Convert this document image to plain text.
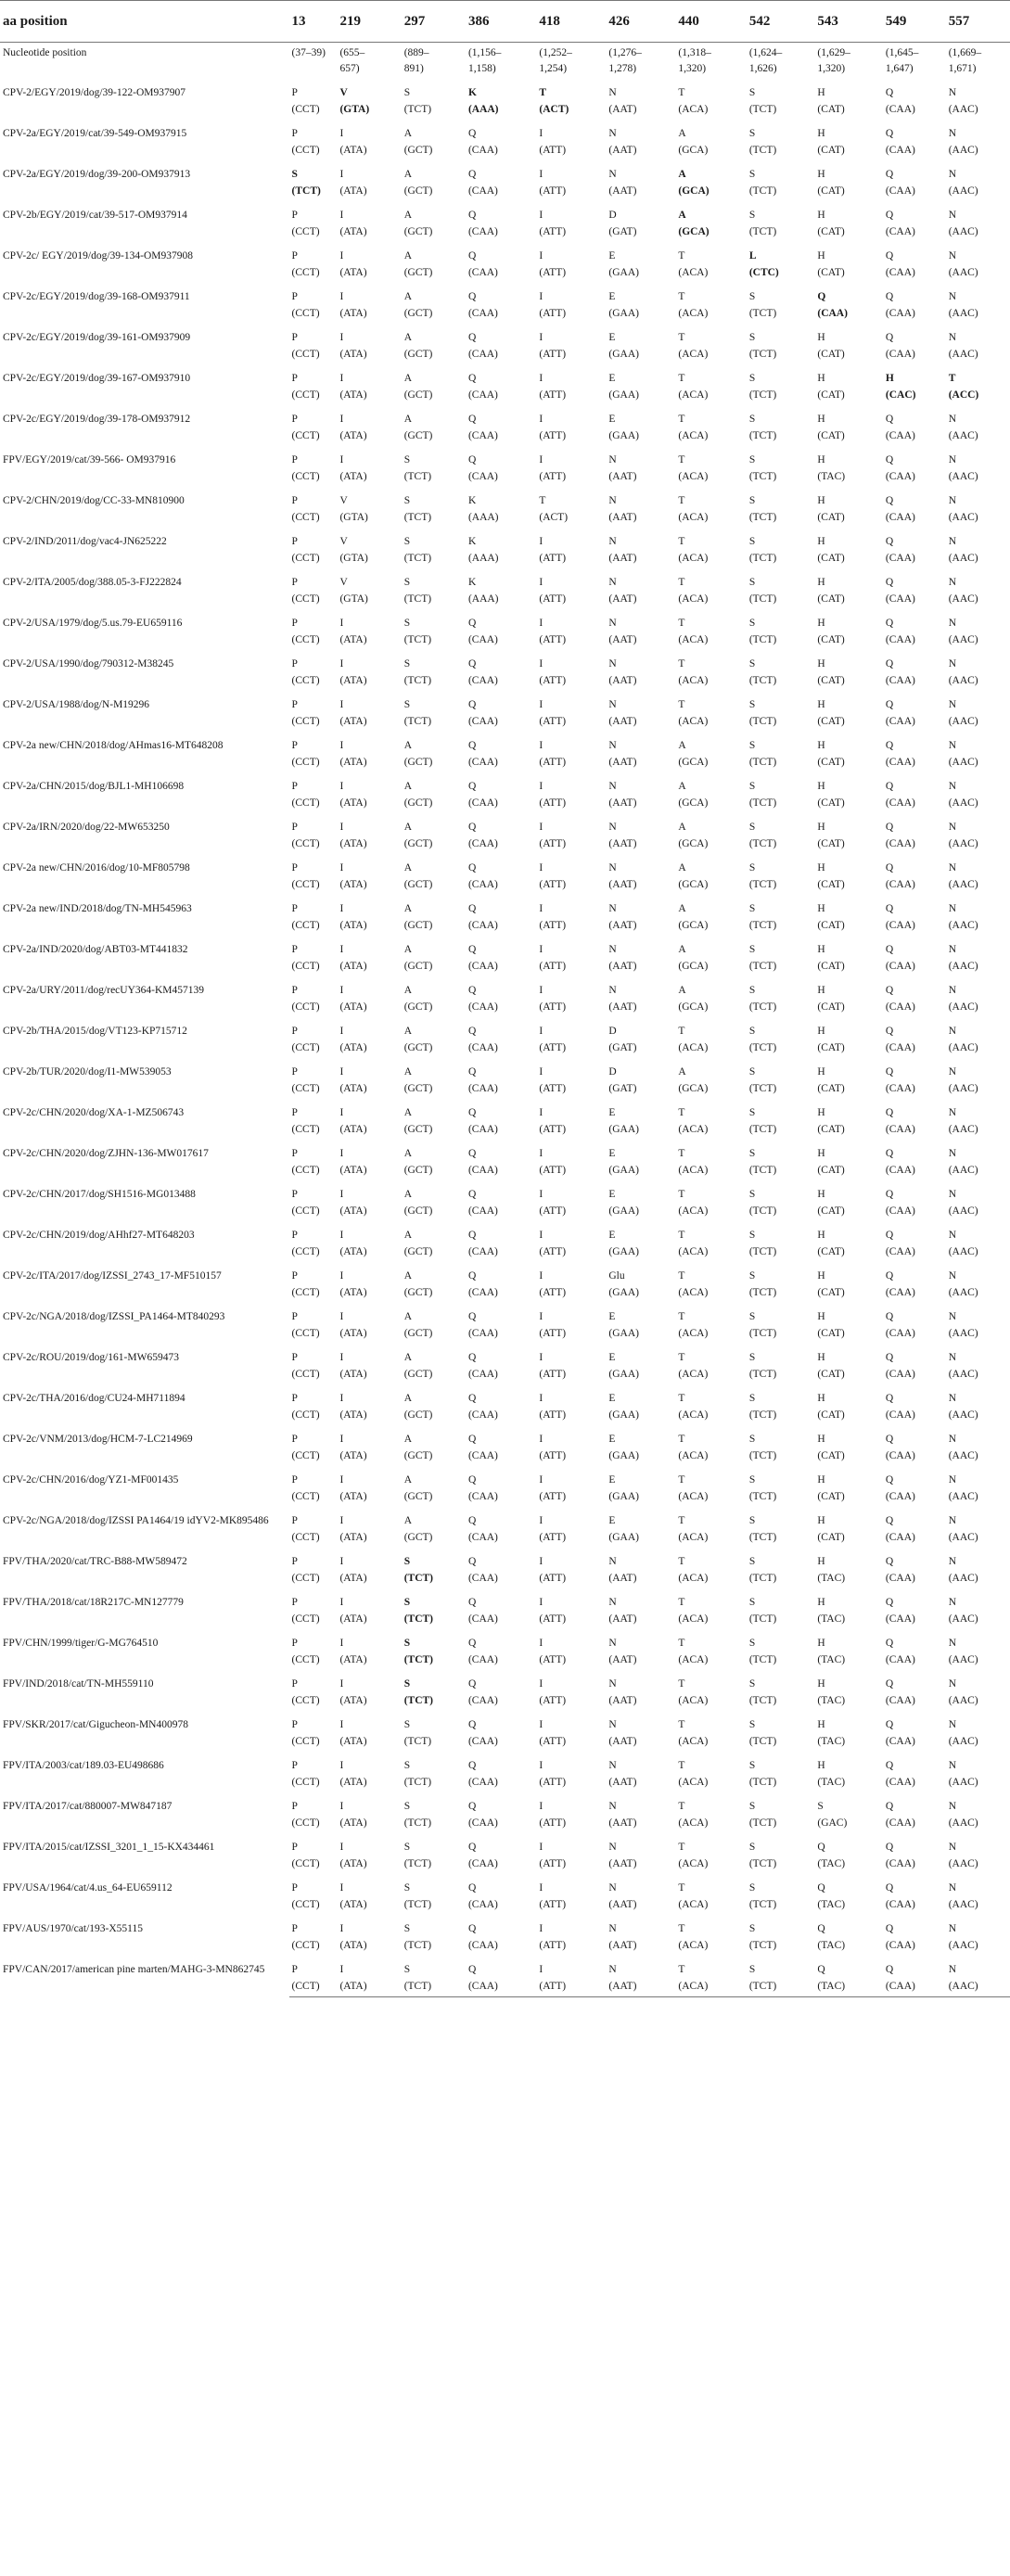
aa position	13	219	297	386	418	426	440	542	543	549	557
Nucleotide position	(37–39)	(655–	(889–	(1,156–	(1,252–	(1,276–	(1,318–	(1,624–	(1,629–	(1,645–	(1,669–
		657)	891)	1,158)	1,254)	1,278)	1,320)	1,626)	1,320)	1,647)	1,671)
CPV-2/EGY/2019/dog/39-122-OM937907	P	V	S	K	T	N	T	S	H	Q	N
	(CCT)	(GTA)	(TCT)	(AAA)	(ACT)	(AAT)	(ACA)	(TCT)	(CAT)	(CAA)	(AAC)
CPV-2a/EGY/2019/cat/39-549-OM937915	P	I	A	Q	I	N	A	S	H	Q	N
	(CCT)	(ATA)	(GCT)	(CAA)	(ATT)	(AAT)	(GCA)	(TCT)	(CAT)	(CAA)	(AAC)
CPV-2a/EGY/2019/dog/39-200-OM937913	S	I	A	Q	I	N	A	S	H	Q	N
	(TCT)	(ATA)	(GCT)	(CAA)	(ATT)	(AAT)	(GCA)	(TCT)	(CAT)	(CAA)	(AAC)
CPV-2b/EGY/2019/cat/39-517-OM937914	P	I	A	Q	I	D	A	S	H	Q	N
	(CCT)	(ATA)	(GCT)	(CAA)	(ATT)	(GAT)	(GCA)	(TCT)	(CAT)	(CAA)	(AAC)
CPV-2c/ EGY/2019/dog/39-134-OM937908	P	I	A	Q	I	E	T	L	H	Q	N
	(CCT)	(ATA)	(GCT)	(CAA)	(ATT)	(GAA)	(ACA)	(CTC)	(CAT)	(CAA)	(AAC)
CPV-2c/EGY/2019/dog/39-168-OM937911	P	I	A	Q	I	E	T	S	Q	Q	N
	(CCT)	(ATA)	(GCT)	(CAA)	(ATT)	(GAA)	(ACA)	(TCT)	(CAA)	(CAA)	(AAC)
CPV-2c/EGY/2019/dog/39-161-OM937909	P	I	A	Q	I	E	T	S	H	Q	N
	(CCT)	(ATA)	(GCT)	(CAA)	(ATT)	(GAA)	(ACA)	(TCT)	(CAT)	(CAA)	(AAC)
CPV-2c/EGY/2019/dog/39-167-OM937910	P	I	A	Q	I	E	T	S	H	H	T
	(CCT)	(ATA)	(GCT)	(CAA)	(ATT)	(GAA)	(ACA)	(TCT)	(CAT)	(CAC)	(ACC)
CPV-2c/EGY/2019/dog/39-178-OM937912	P	I	A	Q	I	E	T	S	H	Q	N
	(CCT)	(ATA)	(GCT)	(CAA)	(ATT)	(GAA)	(ACA)	(TCT)	(CAT)	(CAA)	(AAC)
FPV/EGY/2019/cat/39-566- OM937916	P	I	S	Q	I	N	T	S	H	Q	N
	(CCT)	(ATA)	(TCT)	(CAA)	(ATT)	(AAT)	(ACA)	(TCT)	(TAC)	(CAA)	(AAC)
CPV-2/CHN/2019/dog/CC-33-MN810900	P	V	S	K	T	N	T	S	H	Q	N
	(CCT)	(GTA)	(TCT)	(AAA)	(ACT)	(AAT)	(ACA)	(TCT)	(CAT)	(CAA)	(AAC)
CPV-2/IND/2011/dog/vac4-JN625222	P	V	S	K	I	N	T	S	H	Q	N
	(CCT)	(GTA)	(TCT)	(AAA)	(ATT)	(AAT)	(ACA)	(TCT)	(CAT)	(CAA)	(AAC)
CPV-2/ITA/2005/dog/388.05-3-FJ222824	P	V	S	K	I	N	T	S	H	Q	N
	(CCT)	(GTA)	(TCT)	(AAA)	(ATT)	(AAT)	(ACA)	(TCT)	(CAT)	(CAA)	(AAC)
CPV-2/USA/1979/dog/5.us.79-EU659116	P	I	S	Q	I	N	T	S	H	Q	N
	(CCT)	(ATA)	(TCT)	(CAA)	(ATT)	(AAT)	(ACA)	(TCT)	(CAT)	(CAA)	(AAC)
CPV-2/USA/1990/dog/790312-M38245	P	I	S	Q	I	N	T	S	H	Q	N
	(CCT)	(ATA)	(TCT)	(CAA)	(ATT)	(AAT)	(ACA)	(TCT)	(CAT)	(CAA)	(AAC)
CPV-2/USA/1988/dog/N-M19296	P	I	S	Q	I	N	T	S	H	Q	N
	(CCT)	(ATA)	(TCT)	(CAA)	(ATT)	(AAT)	(ACA)	(TCT)	(CAT)	(CAA)	(AAC)
CPV-2a new/CHN/2018/dog/AHmas16-MT648208	P	I	A	Q	I	N	A	S	H	Q	N
	(CCT)	(ATA)	(GCT)	(CAA)	(ATT)	(AAT)	(GCA)	(TCT)	(CAT)	(CAA)	(AAC)
CPV-2a/CHN/2015/dog/BJL1-MH106698	P	I	A	Q	I	N	A	S	H	Q	N
	(CCT)	(ATA)	(GCT)	(CAA)	(ATT)	(AAT)	(GCA)	(TCT)	(CAT)	(CAA)	(AAC)
CPV-2a/IRN/2020/dog/22-MW653250	P	I	A	Q	I	N	A	S	H	Q	N
	(CCT)	(ATA)	(GCT)	(CAA)	(ATT)	(AAT)	(GCA)	(TCT)	(CAT)	(CAA)	(AAC)
CPV-2a new/CHN/2016/dog/10-MF805798	P	I	A	Q	I	N	A	S	H	Q	N
	(CCT)	(ATA)	(GCT)	(CAA)	(ATT)	(AAT)	(GCA)	(TCT)	(CAT)	(CAA)	(AAC)
CPV-2a new/IND/2018/dog/TN-MH545963	P	I	A	Q	I	N	A	S	H	Q	N
	(CCT)	(ATA)	(GCT)	(CAA)	(ATT)	(AAT)	(GCA)	(TCT)	(CAT)	(CAA)	(AAC)
CPV-2a/IND/2020/dog/ABT03-MT441832	P	I	A	Q	I	N	A	S	H	Q	N
	(CCT)	(ATA)	(GCT)	(CAA)	(ATT)	(AAT)	(GCA)	(TCT)	(CAT)	(CAA)	(AAC)
CPV-2a/URY/2011/dog/recUY364-KM457139	P	I	A	Q	I	N	A	S	H	Q	N
	(CCT)	(ATA)	(GCT)	(CAA)	(ATT)	(AAT)	(GCA)	(TCT)	(CAT)	(CAA)	(AAC)
CPV-2b/THA/2015/dog/VT123-KP715712	P	I	A	Q	I	D	T	S	H	Q	N
	(CCT)	(ATA)	(GCT)	(CAA)	(ATT)	(GAT)	(ACA)	(TCT)	(CAT)	(CAA)	(AAC)
CPV-2b/TUR/2020/dog/I1-MW539053	P	I	A	Q	I	D	A	S	H	Q	N
	(CCT)	(ATA)	(GCT)	(CAA)	(ATT)	(GAT)	(GCA)	(TCT)	(CAT)	(CAA)	(AAC)
CPV-2c/CHN/2020/dog/XA-1-MZ506743	P	I	A	Q	I	E	T	S	H	Q	N
	(CCT)	(ATA)	(GCT)	(CAA)	(ATT)	(GAA)	(ACA)	(TCT)	(CAT)	(CAA)	(AAC)
CPV-2c/CHN/2020/dog/ZJHN-136-MW017617	P	I	A	Q	I	E	T	S	H	Q	N
	(CCT)	(ATA)	(GCT)	(CAA)	(ATT)	(GAA)	(ACA)	(TCT)	(CAT)	(CAA)	(AAC)
CPV-2c/CHN/2017/dog/SH1516-MG013488	P	I	A	Q	I	E	T	S	H	Q	N
	(CCT)	(ATA)	(GCT)	(CAA)	(ATT)	(GAA)	(ACA)	(TCT)	(CAT)	(CAA)	(AAC)
CPV-2c/CHN/2019/dog/AHhf27-MT648203	P	I	A	Q	I	E	T	S	H	Q	N
	(CCT)	(ATA)	(GCT)	(CAA)	(ATT)	(GAA)	(ACA)	(TCT)	(CAT)	(CAA)	(AAC)
CPV-2c/ITA/2017/dog/IZSSI_2743_17-MF510157	P	I	A	Q	I	Glu	T	S	H	Q	N
	(CCT)	(ATA)	(GCT)	(CAA)	(ATT)	(GAA)	(ACA)	(TCT)	(CAT)	(CAA)	(AAC)
CPV-2c/NGA/2018/dog/IZSSI_PA1464-MT840293	P	I	A	Q	I	E	T	S	H	Q	N
	(CCT)	(ATA)	(GCT)	(CAA)	(ATT)	(GAA)	(ACA)	(TCT)	(CAT)	(CAA)	(AAC)
CPV-2c/ROU/2019/dog/161-MW659473	P	I	A	Q	I	E	T	S	H	Q	N
	(CCT)	(ATA)	(GCT)	(CAA)	(ATT)	(GAA)	(ACA)	(TCT)	(CAT)	(CAA)	(AAC)
CPV-2c/THA/2016/dog/CU24-MH711894	P	I	A	Q	I	E	T	S	H	Q	N
	(CCT)	(ATA)	(GCT)	(CAA)	(ATT)	(GAA)	(ACA)	(TCT)	(CAT)	(CAA)	(AAC)
CPV-2c/VNM/2013/dog/HCM-7-LC214969	P	I	A	Q	I	E	T	S	H	Q	N
	(CCT)	(ATA)	(GCT)	(CAA)	(ATT)	(GAA)	(ACA)	(TCT)	(CAT)	(CAA)	(AAC)
CPV-2c/CHN/2016/dog/YZ1-MF001435	P	I	A	Q	I	E	T	S	H	Q	N
	(CCT)	(ATA)	(GCT)	(CAA)	(ATT)	(GAA)	(ACA)	(TCT)	(CAT)	(CAA)	(AAC)
CPV-2c/NGA/2018/dog/IZSSI PA1464/19 idYV2-MK895486	P	I	A	Q	I	E	T	S	H	Q	N
	(CCT)	(ATA)	(GCT)	(CAA)	(ATT)	(GAA)	(ACA)	(TCT)	(CAT)	(CAA)	(AAC)
FPV/THA/2020/cat/TRC-B88-MW589472	P	I	S	Q	I	N	T	S	H	Q	N
	(CCT)	(ATA)	(TCT)	(CAA)	(ATT)	(AAT)	(ACA)	(TCT)	(TAC)	(CAA)	(AAC)
FPV/THA/2018/cat/18R217C-MN127779	P	I	S	Q	I	N	T	S	H	Q	N
	(CCT)	(ATA)	(TCT)	(CAA)	(ATT)	(AAT)	(ACA)	(TCT)	(TAC)	(CAA)	(AAC)
FPV/CHN/1999/tiger/G-MG764510	P	I	S	Q	I	N	T	S	H	Q	N
	(CCT)	(ATA)	(TCT)	(CAA)	(ATT)	(AAT)	(ACA)	(TCT)	(TAC)	(CAA)	(AAC)
FPV/IND/2018/cat/TN-MH559110	P	I	S	Q	I	N	T	S	H	Q	N
	(CCT)	(ATA)	(TCT)	(CAA)	(ATT)	(AAT)	(ACA)	(TCT)	(TAC)	(CAA)	(AAC)
FPV/SKR/2017/cat/Gigucheon-MN400978	P	I	S	Q	I	N	T	S	H	Q	N
	(CCT)	(ATA)	(TCT)	(CAA)	(ATT)	(AAT)	(ACA)	(TCT)	(TAC)	(CAA)	(AAC)
FPV/ITA/2003/cat/189.03-EU498686	P	I	S	Q	I	N	T	S	H	Q	N
	(CCT)	(ATA)	(TCT)	(CAA)	(ATT)	(AAT)	(ACA)	(TCT)	(TAC)	(CAA)	(AAC)
FPV/ITA/2017/cat/880007-MW847187	P	I	S	Q	I	N	T	S	S	Q	N
	(CCT)	(ATA)	(TCT)	(CAA)	(ATT)	(AAT)	(ACA)	(TCT)	(GAC)	(CAA)	(AAC)
FPV/ITA/2015/cat/IZSSI_3201_1_15-KX434461	P	I	S	Q	I	N	T	S	Q	Q	N
	(CCT)	(ATA)	(TCT)	(CAA)	(ATT)	(AAT)	(ACA)	(TCT)	(TAC)	(CAA)	(AAC)
FPV/USA/1964/cat/4.us_64-EU659112	P	I	S	Q	I	N	T	S	Q	Q	N
	(CCT)	(ATA)	(TCT)	(CAA)	(ATT)	(AAT)	(ACA)	(TCT)	(TAC)	(CAA)	(AAC)
FPV/AUS/1970/cat/193-X55115	P	I	S	Q	I	N	T	S	Q	Q	N
	(CCT)	(ATA)	(TCT)	(CAA)	(ATT)	(AAT)	(ACA)	(TCT)	(TAC)	(CAA)	(AAC)
FPV/CAN/2017/american pine marten/MAHG-3-MN862745	P	I	S	Q	I	N	T	S	Q	Q	N
	(CCT)	(ATA)	(TCT)	(CAA)	(ATT)	(AAT)	(ACA)	(TCT)	(TAC)	(CAA)	(AAC)
